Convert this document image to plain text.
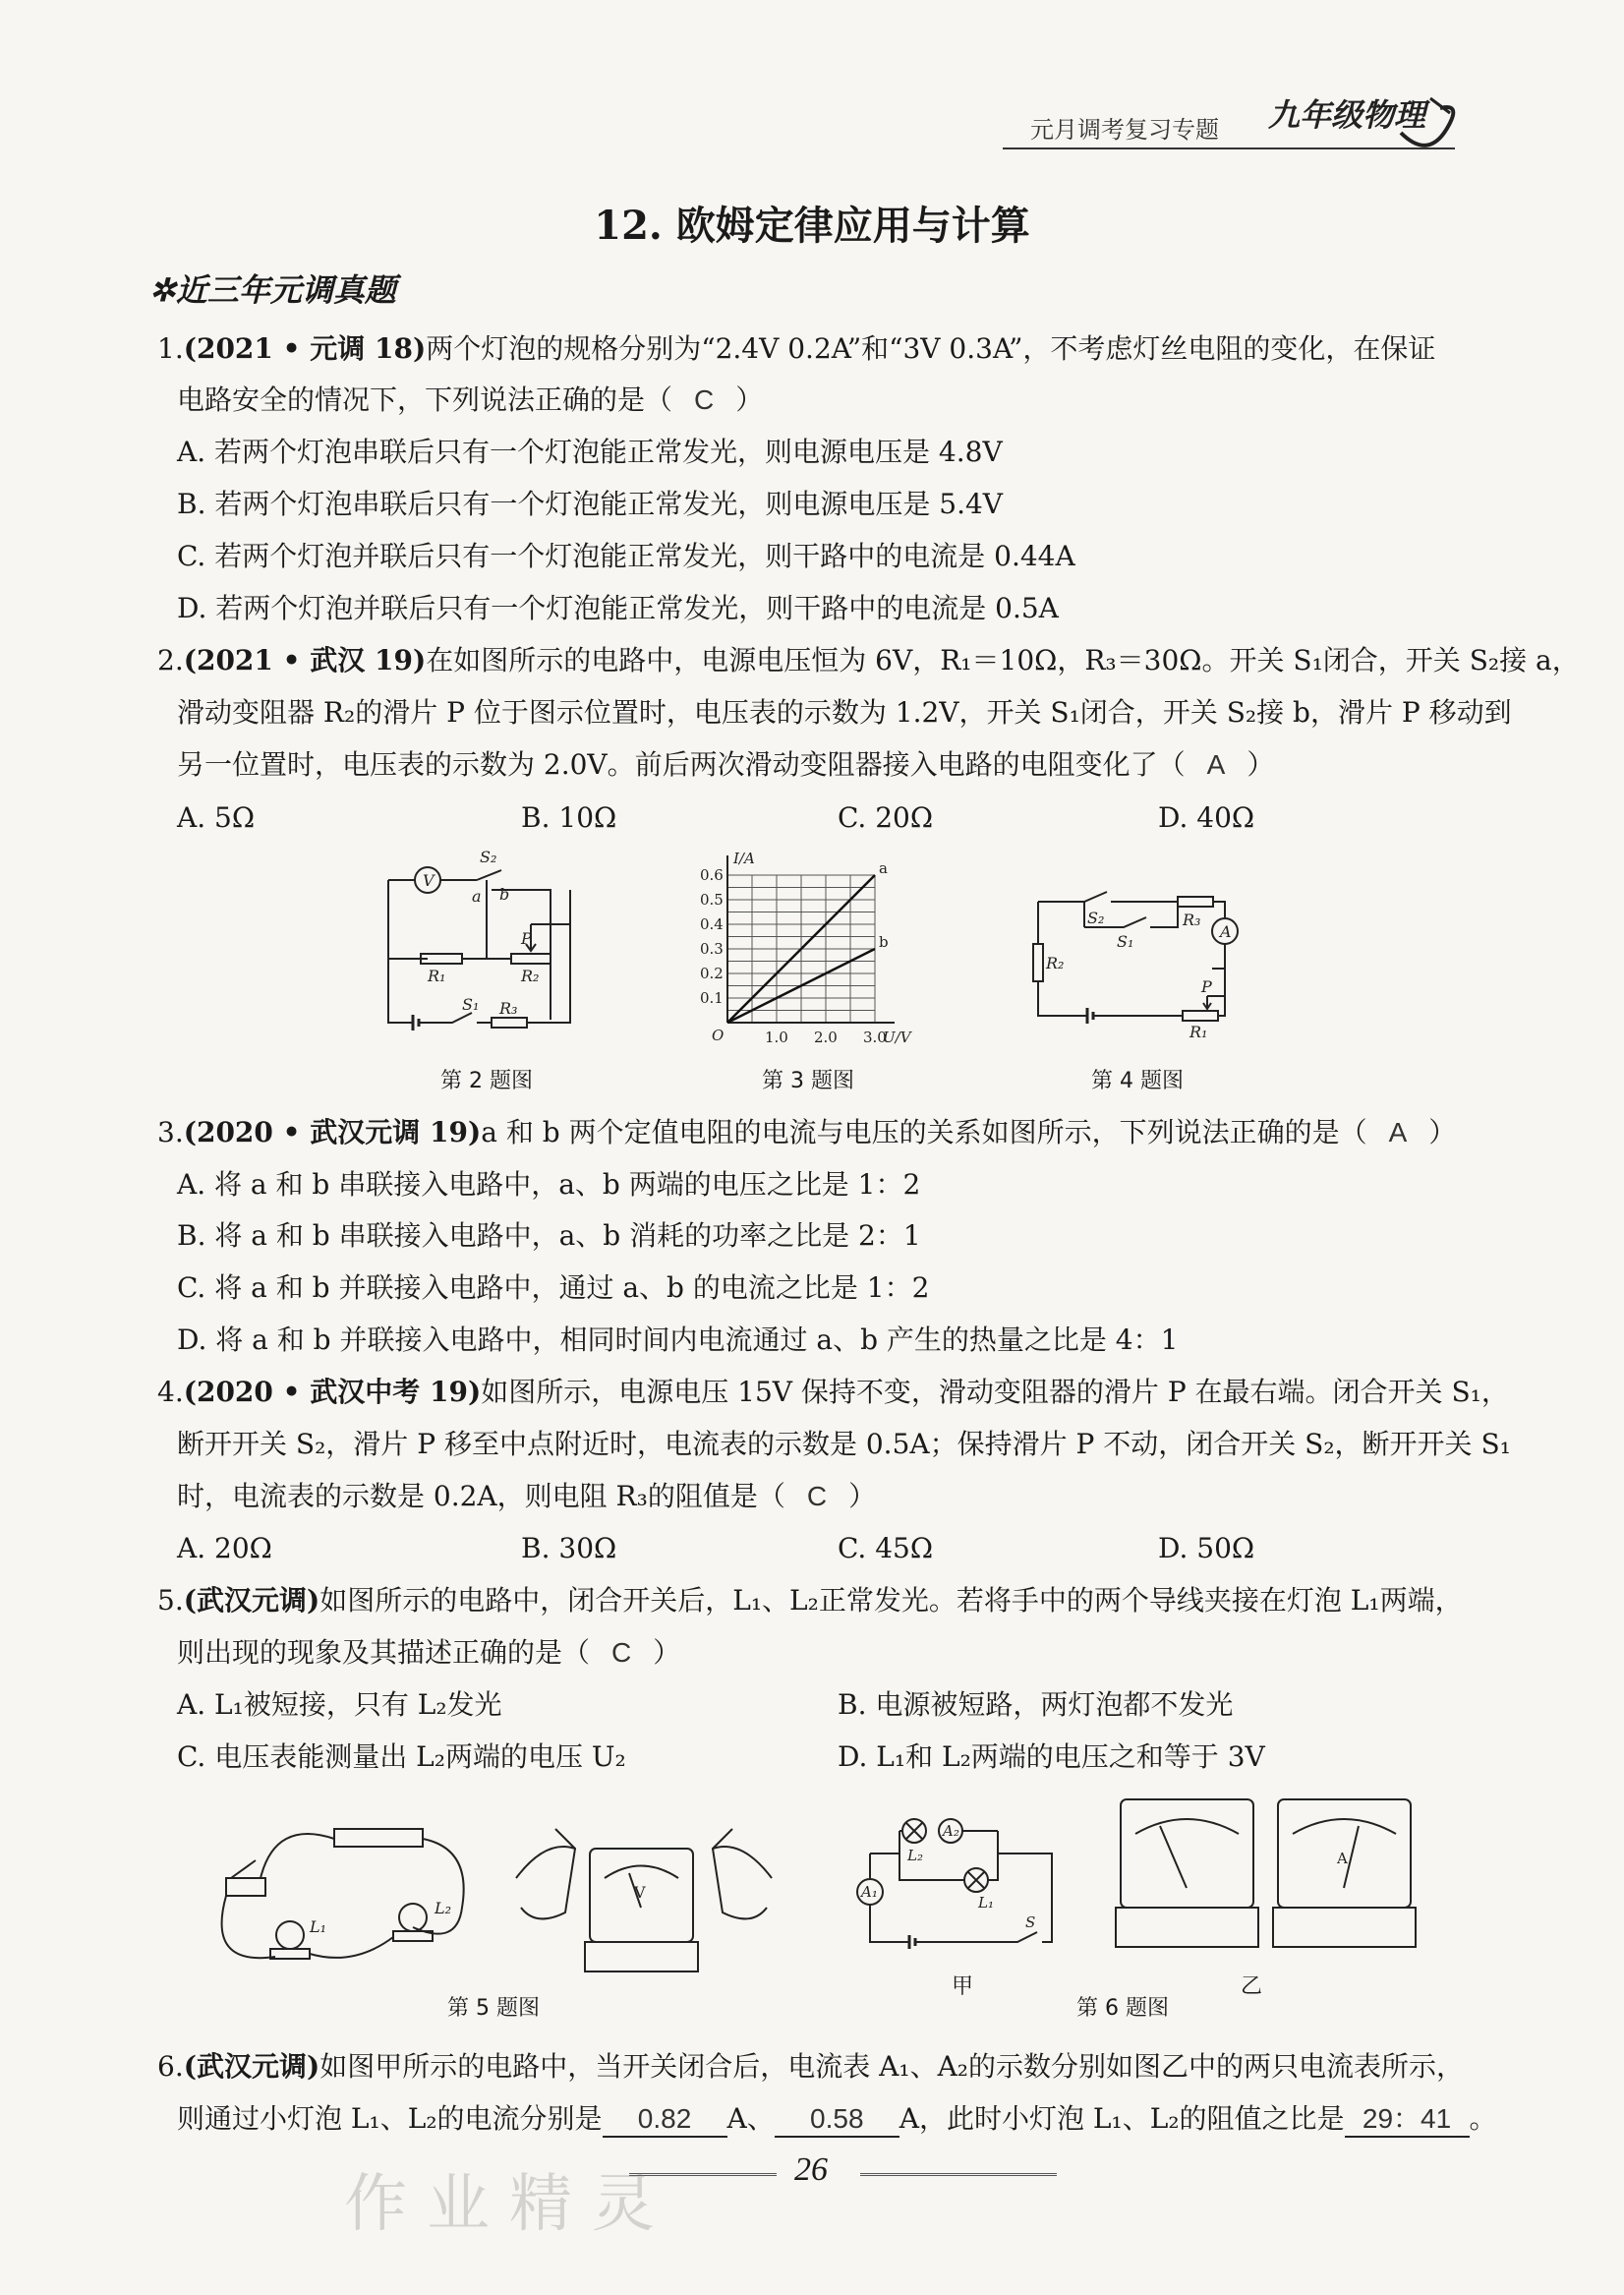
九年级物理
元月调考复习专题
12. 欧姆定律应用与计算
✲近三年元调真题
1.(2021 • 元调 18)两个灯泡的规格分别为“2.4V 0.2A”和“3V 0.3A”，不考虑灯丝电阻的变化，在保证
电路安全的情况下，下列说法正确的是（ C ）
A. 若两个灯泡串联后只有一个灯泡能正常发光，则电源电压是 4.8V
B. 若两个灯泡串联后只有一个灯泡能正常发光，则电源电压是 5.4V
C. 若两个灯泡并联后只有一个灯泡能正常发光，则干路中的电流是 0.44A
D. 若两个灯泡并联后只有一个灯泡能正常发光，则干路中的电流是 0.5A
2.(2021 • 武汉 19)在如图所示的电路中，电源电压恒为 6V，R₁＝10Ω，R₃＝30Ω。开关 S₁闭合，开关 S₂接 a，
滑动变阻器 R₂的滑片 P 位于图示位置时，电压表的示数为 1.2V，开关 S₁闭合，开关 S₂接 b，滑片 P 移动到
另一位置时，电压表的示数为 2.0V。前后两次滑动变阻器接入电路的电阻变化了（ A ）
A. 5Ω	B. 10Ω	C. 20Ω	D. 40Ω
V
S₂
a b
P
R₁	R₂
S₁ R₃
第 2 题图
0.1
0.2
0.3
0.4
0.5
0.6
1.0 2.0 3.0
O	U/V
I/A
a
b
第 3 题图
S₂
S₁
R₃
R₂
A
P
R₁
第 4 题图
3.(2020 • 武汉元调 19)a 和 b 两个定值电阻的电流与电压的关系如图所示，下列说法正确的是（ A ）
A. 将 a 和 b 串联接入电路中，a、b 两端的电压之比是 1：2
B. 将 a 和 b 串联接入电路中，a、b 消耗的功率之比是 2：1
C. 将 a 和 b 并联接入电路中，通过 a、b 的电流之比是 1：2
D. 将 a 和 b 并联接入电路中，相同时间内电流通过 a、b 产生的热量之比是 4：1
4.(2020 • 武汉中考 19)如图所示，电源电压 15V 保持不变，滑动变阻器的滑片 P 在最右端。闭合开关 S₁，
断开开关 S₂，滑片 P 移至中点附近时，电流表的示数是 0.5A；保持滑片 P 不动，闭合开关 S₂，断开开关 S₁
时，电流表的示数是 0.2A，则电阻 R₃的阻值是（ C ）
A. 20Ω	B. 30Ω	C. 45Ω	D. 50Ω
5.(武汉元调)如图所示的电路中，闭合开关后，L₁、L₂正常发光。若将手中的两个导线夹接在灯泡 L₁两端，
则出现的现象及其描述正确的是（ C ）
A. L₁被短接，只有 L₂发光	B. 电源被短路，两灯泡都不发光
C. 电压表能测量出 L₂两端的电压 U₂	D. L₁和 L₂两端的电压之和等于 3V
L₁
L₂
V
第 5 题图
L₂
A₂
L₁
A₁
S
甲
A
第 6 题图
乙
6.(武汉元调)如图甲所示的电路中，当开关闭合后，电流表 A₁、A₂的示数分别如图乙中的两只电流表所示，
则通过小灯泡 L₁、L₂的电流分别是 0.82 A、 0.58 A，此时小灯泡 L₁、L₂的阻值之比是 29：41 。
26
作业精灵
